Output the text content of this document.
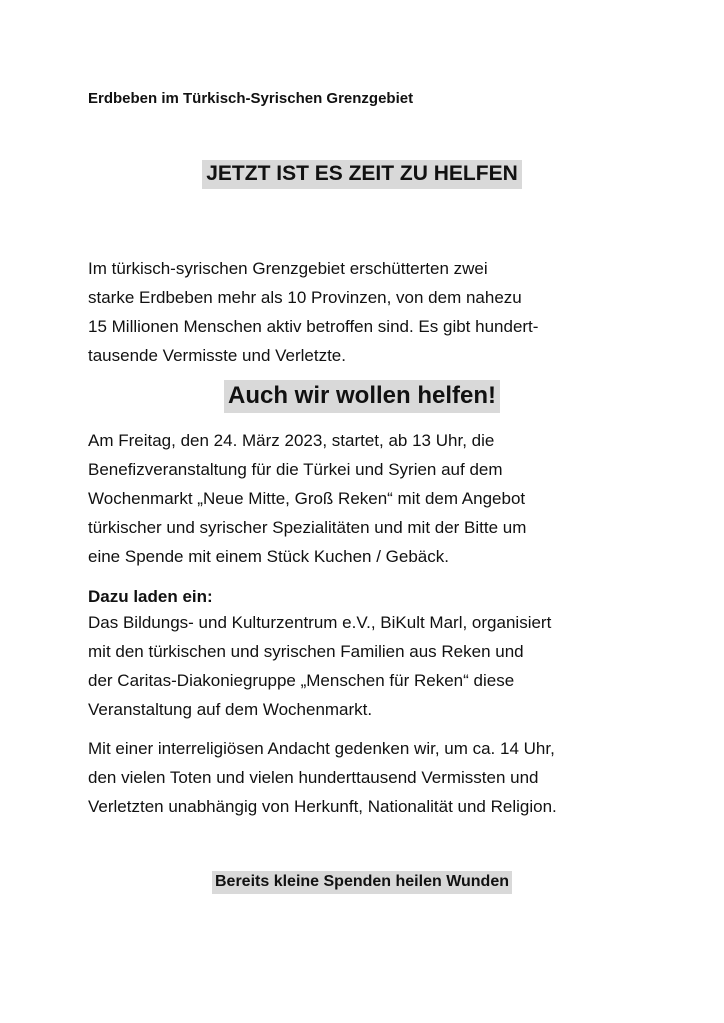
Erdbeben im Türkisch-Syrischen Grenzgebiet
JETZT IST ES ZEIT ZU HELFEN

Im türkisch-syrischen Grenzgebiet erschütterten zwei
starke Erdbeben mehr als 10 Provinzen, von dem nahezu
15 Millionen Menschen aktiv betroffen sind. Es gibt hundert-
tausende Vermisste und Verletzte.

Auch wir wollen helfen!

Am Freitag, den 24. März 2023, startet, ab 13 Uhr, die
Benefizveranstaltung für die Türkei und Syrien auf dem
Wochenmarkt „Neue Mitte, Groß Reken“ mit dem Angebot
türkischer und syrischer Spezialitäten und mit der Bitte um
eine Spende mit einem Stück Kuchen / Gebäck.

Dazu laden ein:

Das Bildungs- und Kulturzentrum e.V., BiKult Marl, organisiert
mit den türkischen und syrischen Familien aus Reken und
der Caritas-Diakoniegruppe „Menschen für Reken“ diese
Veranstaltung auf dem Wochenmarkt.

Mit einer interreligiösen Andacht gedenken wir, um ca. 14 Uhr,
den vielen Toten und vielen hunderttausend Vermissten und
Verletzten unabhängig von Herkunft, Nationalität und Religion.

Bereits kleine Spenden heilen Wunden
